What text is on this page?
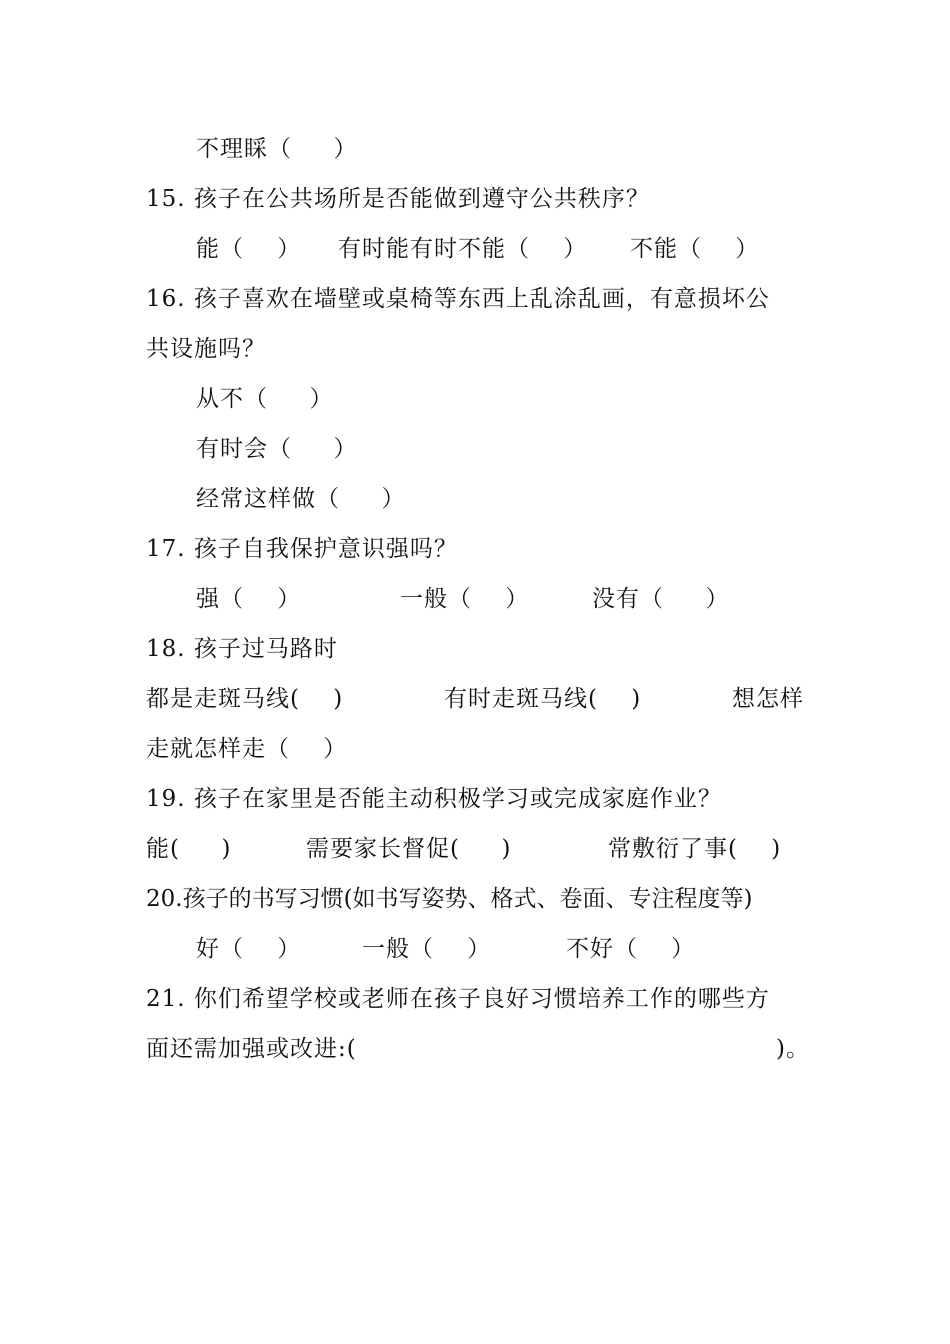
不理睬（     ）
15. 孩子在公共场所是否能做到遵守公共秩序？

能（    ）

有时能有时不能（    ）

不能（    ）

16. 孩子喜欢在墙壁或桌椅等东西上乱涂乱画，有意损坏公
共设施吗？
从不（     ）
有时会（     ）
经常这样做（     ）
17. 孩子自我保护意识强吗？

强（    ）

	一般（    ）

	没有（     ）

18. 孩子过马路时

都是走斑马线(    )

	有时走斑马线(    )

	想怎样

走就怎样走（    ）
19. 孩子在家里是否能主动积极学习或完成家庭作业？

能(     )

	需要家长督促(     )

	常敷衍了事(    )

20.孩子的书写习惯(如书写姿势、格式、卷面、专注程度等)

好（    ）

	一般（    ）

	不好（    ）

21. 你们希望学校或老师在孩子良好习惯培养工作的哪些方

面还需加强或改进:(

	)。
